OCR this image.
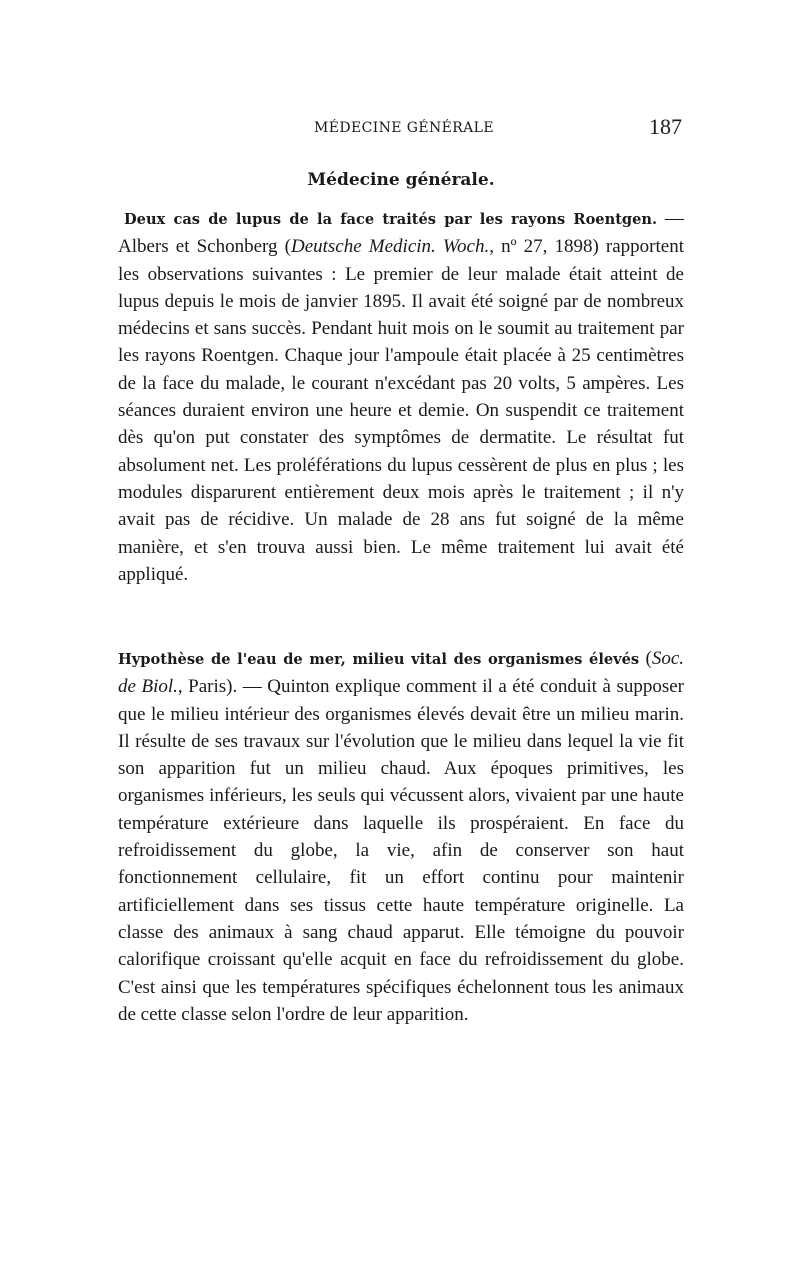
MÉDECINE GÉNÉRALE	187
Médecine générale.

Deux cas de lupus de la face traités par les rayons Roentgen. — Albers et Schonberg (Deutsche Medicin. Woch., nº 27, 1898) rapportent les observations suivantes : Le premier de leur malade était atteint de lupus depuis le mois de janvier 1895. Il avait été soigné par de nombreux médecins et sans succès. Pendant huit mois on le soumit au traitement par les rayons Roentgen. Chaque jour l'ampoule était placée à 25 centimètres de la face du malade, le courant n'excédant pas 20 volts, 5 ampères. Les séances duraient environ une heure et demie. On suspendit ce traitement dès qu'on put constater des symptômes de dermatite. Le résultat fut absolument net. Les proléférations du lupus cessèrent de plus en plus ; les modules disparurent entièrement deux mois après le traitement ; il n'y avait pas de récidive. Un malade de 28 ans fut soigné de la même manière, et s'en trouva aussi bien. Le même traitement lui avait été appliqué.

Hypothèse de l'eau de mer, milieu vital des organismes élevés (Soc. de Biol., Paris). — Quinton explique comment il a été conduit à supposer que le milieu intérieur des organismes élevés devait être un milieu marin. Il résulte de ses travaux sur l'évolution que le milieu dans lequel la vie fit son apparition fut un milieu chaud. Aux époques primitives, les organismes inférieurs, les seuls qui vécussent alors, vivaient par une haute température extérieure dans laquelle ils prospéraient. En face du refroidissement du globe, la vie, afin de conserver son haut fonctionnement cellulaire, fit un effort continu pour maintenir artificiellement dans ses tissus cette haute température originelle. La classe des animaux à sang chaud apparut. Elle témoigne du pouvoir calorifique croissant qu'elle acquit en face du refroidissement du globe. C'est ainsi que les températures spécifiques échelonnent tous les animaux de cette classe selon l'ordre de leur apparition.
